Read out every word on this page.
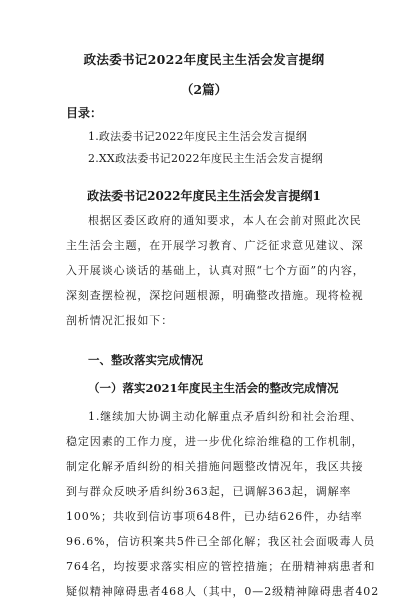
政法委书记2022年度民主生活会发言提纲
（2篇）
目录：
1.政法委书记2022年度民主生活会发言提纲
2.XX政法委书记2022年度民主生活会发言提纲
政法委书记2022年度民主生活会发言提纲1
根据区委区政府的通知要求，本人在会前对照此次民
主生活会主题，在开展学习教育、广泛征求意见建议、深
入开展谈心谈话的基础上，认真对照“七个方面”的内容，
深刻查摆检视，深挖问题根源，明确整改措施。现将检视
剖析情况汇报如下：
一、整改落实完成情况
（一）落实2021年度民主生活会的整改完成情况
1.继续加大协调主动化解重点矛盾纠纷和社会治理、
稳定因素的工作力度，进一步优化综治维稳的工作机制，
制定化解矛盾纠纷的相关措施问题整改情况年，我区共接
到与群众反映矛盾纠纷363起，已调解363起，调解率
100%；共收到信访事项648件，已办结626件，办结率
96.6%，信访积案共5件已全部化解；我区社会面吸毒人员
764名，均按要求落实相应的管控措施；在册精神病患者和
疑似精神障碍患者468人（其中，0—2级精神障碍患者402
